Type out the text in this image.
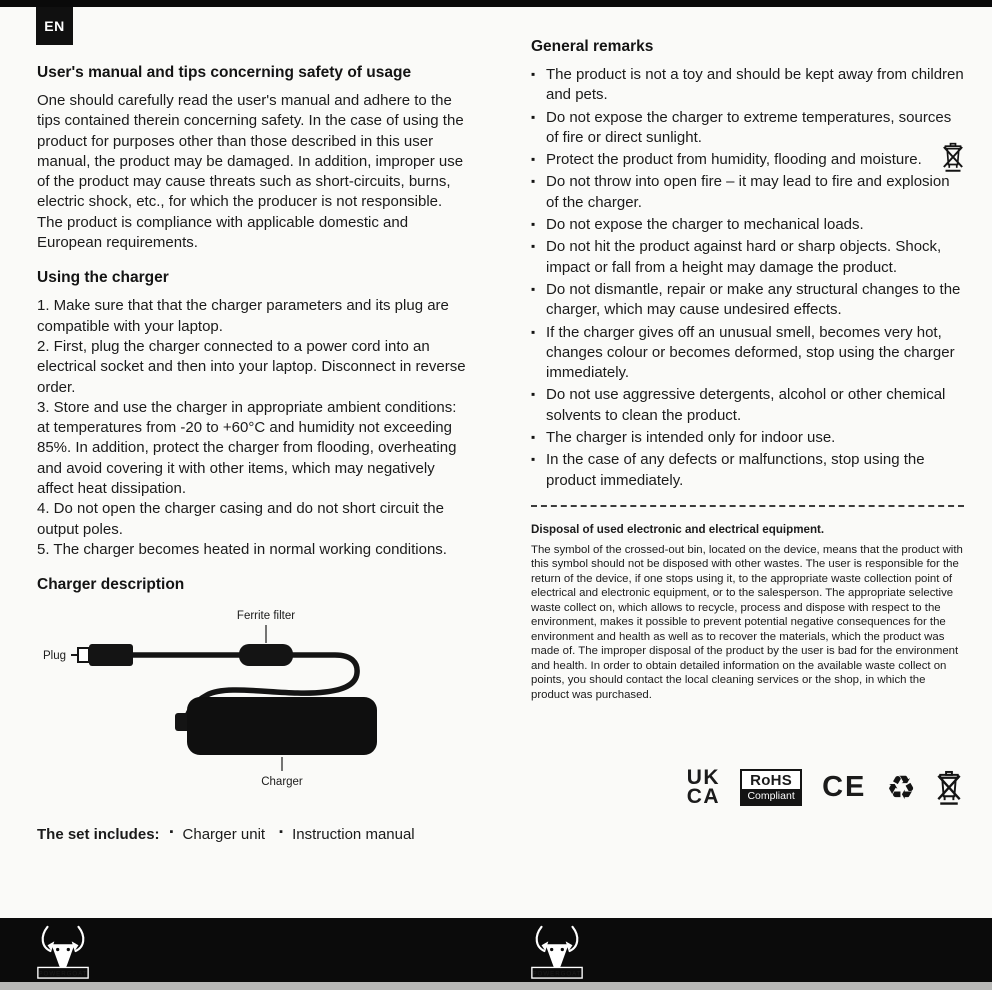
EN
User's manual and tips concerning safety of usage

One should carefully read the user's manual and adhere to the tips contained therein concerning safety. In the case of using the product for purposes other than those described in this user manual, the product may be damaged. In addition, improper use of the product may cause threats such as short-circuits, burns, electric shock, etc., for which the producer is not responsible. The product is compliance with applicable domestic and European requirements.

Using the charger

1. Make sure that that the charger parameters and its plug are compatible with your laptop.

2. First, plug the charger connected to a power cord into an electrical socket and then into your laptop. Disconnect in reverse order.

3. Store and use the charger in appropriate ambient conditions: at temperatures from -20 to +60°C and humidity not exceeding 85%. In addition, protect the charger from flooding, overheating and avoid covering it with other items, which may negatively affect heat dissipation.

4. Do not open the charger casing and do not short circuit the output poles.

5. The charger becomes heated in normal working conditions.

Charger description
Ferrite filter
Plug
Charger
The set includes:	▪ Charger unit	▪ Instruction manual
General remarks
▪ The product is not a toy and should be kept away from children and pets.
▪ Do not expose the charger to extreme temperatures, sources of fire or direct sunlight.
▪ Protect the product from humidity, flooding and moisture.
▪ Do not throw into open fire – it may lead to fire and explosion of the charger.
▪ Do not expose the charger to mechanical loads.
▪ Do not hit the product against hard or sharp objects. Shock, impact or fall from a height may damage the product.
▪ Do not dismantle, repair or make any structural changes to the charger, which may cause undesired effects.
▪ If the charger gives off an unusual smell, becomes very hot, changes colour or becomes deformed, stop using the charger immediately.
▪ Do not use aggressive detergents, alcohol or other chemical solvents to clean the product.
▪ The charger is intended only for indoor use.
▪ In the case of any defects or malfunctions, stop using the product immediately.

Disposal of used electronic and electrical equipment.

The symbol of the crossed-out bin, located on the device, means that the product with this symbol should not be disposed with other wastes. The user is responsible for the return of the device, if one stops using it, to the appropriate waste collection point of electrical and electronic equipment, or to the salesperson. The appropriate selective waste collect on, which allows to recycle, process and dispose with respect to the environment, makes it possible to prevent potential negative consequences for the environment and health as well as to recover the materials, which the product was made of. The improper disposal of the product by the user is bad for the environment and health. In order to obtain detailed information on the available waste collect on points, you should contact the local cleaning services or the shop, in which the product was purchased.

UK
CA
RoHS
Compliant CE ♻
POWERGOAT	POWERGOAT
